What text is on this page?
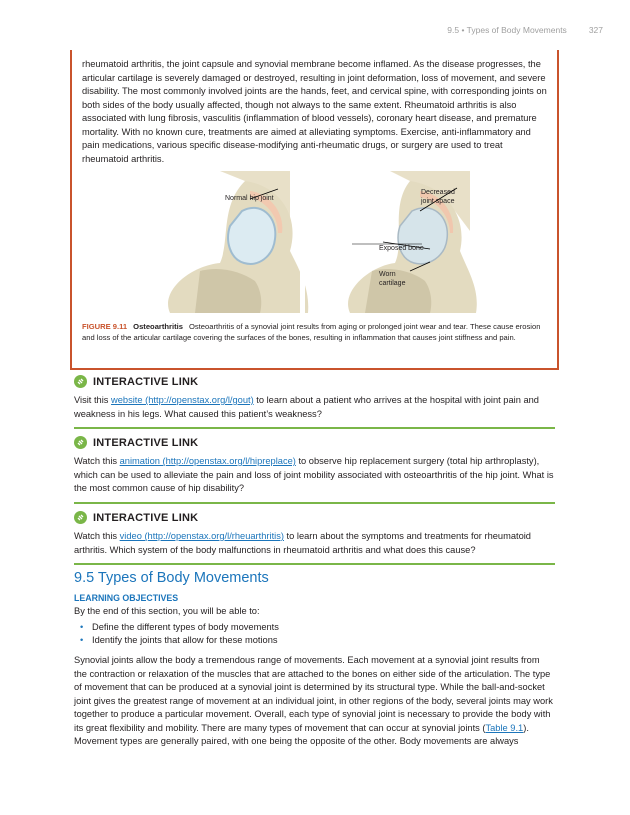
9.5 • Types of Body Movements	327

rheumatoid arthritis, the joint capsule and synovial membrane become inflamed. As the disease progresses, the articular cartilage is severely damaged or destroyed, resulting in joint deformation, loss of movement, and severe disability. The most commonly involved joints are the hands, feet, and cervical spine, with corresponding joints on both sides of the body usually affected, though not always to the same extent. Rheumatoid arthritis is also associated with lung fibrosis, vasculitis (inflammation of blood vessels), coronary heart disease, and premature mortality. With no known cure, treatments are aimed at alleviating symptoms. Exercise, anti-inflammatory and pain medications, various specific disease-modifying anti-rheumatic drugs, or surgery are used to treat rheumatoid arthritis.

Normal hip joint
Decreased
joint space
Exposed bone
Worn
cartilage
FIGURE 9.11 Osteoarthritis Osteoarthritis of a synovial joint results from aging or prolonged joint wear and tear. These cause erosion and loss of the articular cartilage covering the surfaces of the bones, resulting in inflammation that causes joint stiffness and pain.
INTERACTIVE LINK

Visit this website (http://openstax.org/l/gout) to learn about a patient who arrives at the hospital with joint pain and weakness in his legs. What caused this patient’s weakness?

INTERACTIVE LINK

Watch this animation (http://openstax.org/l/hipreplace) to observe hip replacement surgery (total hip arthroplasty), which can be used to alleviate the pain and loss of joint mobility associated with osteoarthritis of the hip joint. What is the most common cause of hip disability?

INTERACTIVE LINK

Watch this video (http://openstax.org/l/rheuarthritis) to learn about the symptoms and treatments for rheumatoid arthritis. Which system of the body malfunctions in rheumatoid arthritis and what does this cause?

9.5 Types of Body Movements
LEARNING OBJECTIVES
By the end of this section, you will be able to:
• Define the different types of body movements
• Identify the joints that allow for these motions

Synovial joints allow the body a tremendous range of movements. Each movement at a synovial joint results from the contraction or relaxation of the muscles that are attached to the bones on either side of the articulation. The type of movement that can be produced at a synovial joint is determined by its structural type. While the ball-and-socket joint gives the greatest range of movement at an individual joint, in other regions of the body, several joints may work together to produce a particular movement. Overall, each type of synovial joint is necessary to provide the body with its great flexibility and mobility. There are many types of movement that can occur at synovial joints (Table 9.1). Movement types are generally paired, with one being the opposite of the other. Body movements are always
